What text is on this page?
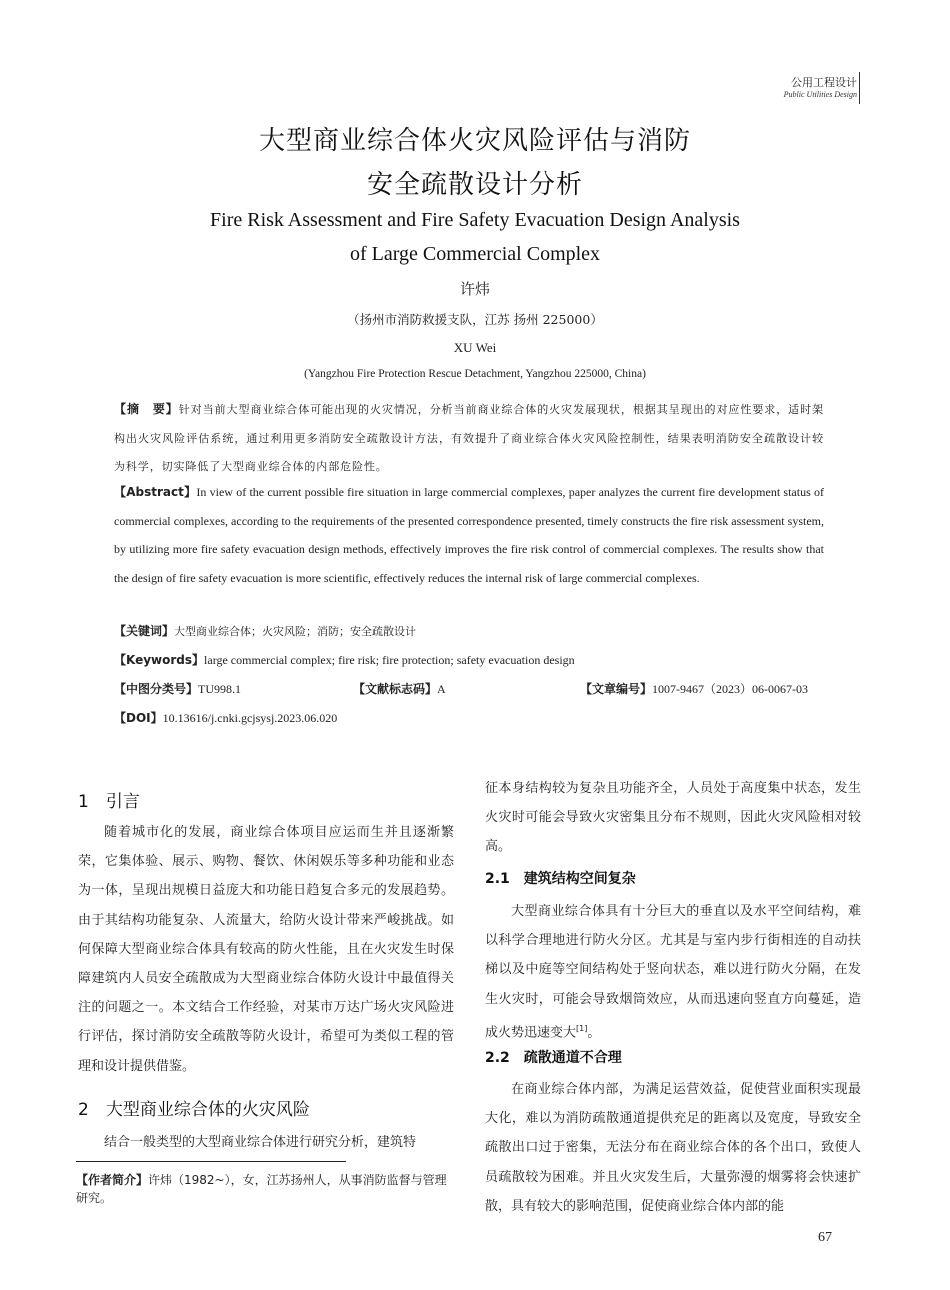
公用工程设计
Public Utilities Design
大型商业综合体火灾风险评估与消防
安全疏散设计分析
Fire Risk Assessment and Fire Safety Evacuation Design Analysis
of Large Commercial Complex
许炜
（扬州市消防救援支队，江苏 扬州 225000）
XU Wei
(Yangzhou Fire Protection Rescue Detachment, Yangzhou 225000, China)
【摘　要】针对当前大型商业综合体可能出现的火灾情况，分析当前商业综合体的火灾发展现状，根据其呈现出的对应性要求，适时架构出火灾风险评估系统，通过利用更多消防安全疏散设计方法，有效提升了商业综合体火灾风险控制性，结果表明消防安全疏散设计较为科学，切实降低了大型商业综合体的内部危险性。
【Abstract】In view of the current possible fire situation in large commercial complexes, paper analyzes the current fire development status of commercial complexes, according to the requirements of the presented correspondence presented, timely constructs the fire risk assessment system, by utilizing more fire safety evacuation design methods, effectively improves the fire risk control of commercial complexes. The results show that the design of fire safety evacuation is more scientific, effectively reduces the internal risk of large commercial complexes.
【关键词】大型商业综合体；火灾风险；消防；安全疏散设计
【Keywords】large commercial complex; fire risk; fire protection; safety evacuation design
【中图分类号】TU998.1	【文献标志码】A	【文章编号】1007-9467（2023）06-0067-03
【DOI】10.13616/j.cnki.gcjsysj.2023.06.020
1　引言

随着城市化的发展，商业综合体项目应运而生并且逐渐繁荣，它集体验、展示、购物、餐饮、休闲娱乐等多种功能和业态为一体，呈现出规模日益庞大和功能日趋复合多元的发展趋势。由于其结构功能复杂、人流量大，给防火设计带来严峻挑战。如何保障大型商业综合体具有较高的防火性能，且在火灾发生时保障建筑内人员安全疏散成为大型商业综合体防火设计中最值得关注的问题之一。本文结合工作经验，对某市万达广场火灾风险进行评估，探讨消防安全疏散等防火设计，希望可为类似工程的管理和设计提供借鉴。

2　大型商业综合体的火灾风险

结合一般类型的大型商业综合体进行研究分析，建筑特

【作者简介】许炜（1982~），女，江苏扬州人，从事消防监督与管理研究。

征本身结构较为复杂且功能齐全，人员处于高度集中状态，发生火灾时可能会导致火灾密集且分布不规则，因此火灾风险相对较高。

2.1　建筑结构空间复杂

大型商业综合体具有十分巨大的垂直以及水平空间结构，难以科学合理地进行防火分区。尤其是与室内步行街相连的自动扶梯以及中庭等空间结构处于竖向状态，难以进行防火分隔，在发生火灾时，可能会导致烟筒效应，从而迅速向竖直方向蔓延，造成火势迅速变大[1]。

2.2　疏散通道不合理

在商业综合体内部，为满足运营效益，促使营业面积实现最大化，难以为消防疏散通道提供充足的距离以及宽度，导致安全疏散出口过于密集，无法分布在商业综合体的各个出口，致使人员疏散较为困难。并且火灾发生后，大量弥漫的烟雾将会快速扩散，具有较大的影响范围，促使商业综合体内部的能

67
